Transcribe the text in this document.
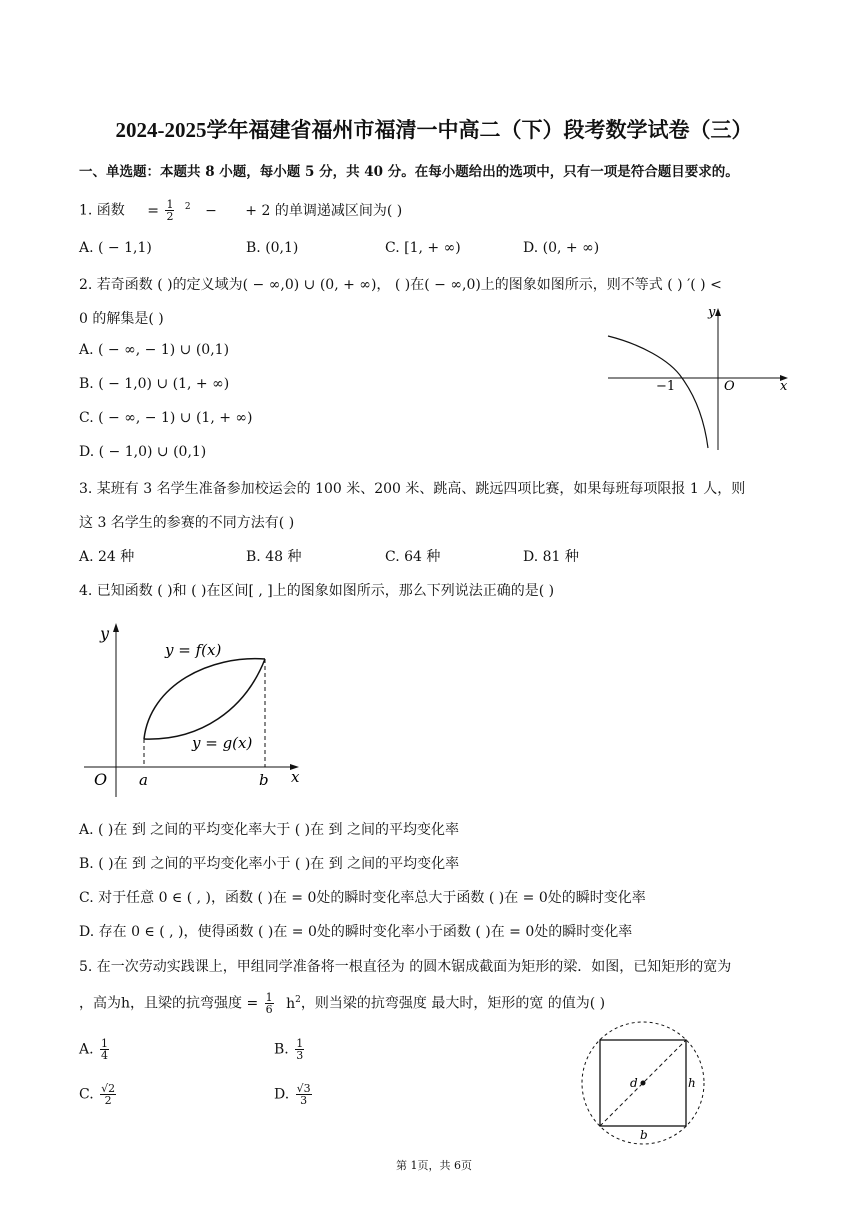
2024-2025学年福建省福州市福清一中高二（下）段考数学试卷（三）
一、单选题：本题共 8 小题，每小题 5 分，共 40 分。在每小题给出的选项中，只有一项是符合题目要求的。
1. 函数 = $\frac{1}{2} ^2$ − + 2 的单调递减区间为( )
A. ( − 1,1)	B. (0,1)	C. [1, + ∞)	D. (0, + ∞)
2. 若奇函数 ( )的定义域为( − ∞,0) ∪ (0, + ∞)， ( )在( − ∞,0)上的图象如图所示，则不等式 ( ) ′( ) <
0 的解集是( )
A. ( − ∞, − 1) ∪ (0,1)
B. ( − 1,0) ∪ (1, + ∞)
C. ( − ∞, − 1) ∪ (1, + ∞)
D. ( − 1,0) ∪ (0,1)
y
x
O
−1
3. 某班有 3 名学生准备参加校运会的 100 米、200 米、跳高、跳远四项比赛，如果每班每项限报 1 人，则
这 3 名学生的参赛的不同方法有( )
A. 24 种	B. 48 种	C. 64 种	D. 81 种
4. 已知函数 ( )和 ( )在区间[ , ]上的图象如图所示，那么下列说法正确的是( )
y
x
O a	b
y = f(x)
y = g(x)
A. ( )在 到 之间的平均变化率大于 ( )在 到 之间的平均变化率
B. ( )在 到 之间的平均变化率小于 ( )在 到 之间的平均变化率
C. 对于任意 0 ∈ ( , )，函数 ( )在 = 0处的瞬时变化率总大于函数 ( )在 = 0处的瞬时变化率
D. 存在 0 ∈ ( , )，使得函数 ( )在 = 0处的瞬时变化率小于函数 ( )在 = 0处的瞬时变化率
5. 在一次劳动实践课上，甲组同学准备将一根直径为 的圆木锯成截面为矩形的梁．如图，已知矩形的宽为
，高为h，且梁的抗弯强度 = $\frac{1}{6} h^2$，则当梁的抗弯强度 最大时，矩形的宽 的值为( )
A. $\frac{1}{4}$	B. $\frac{1}{3}$
C. $\frac{√2}{2}$	D. $\frac{√3}{3}$	d	h
b
第 1页，共 6页
